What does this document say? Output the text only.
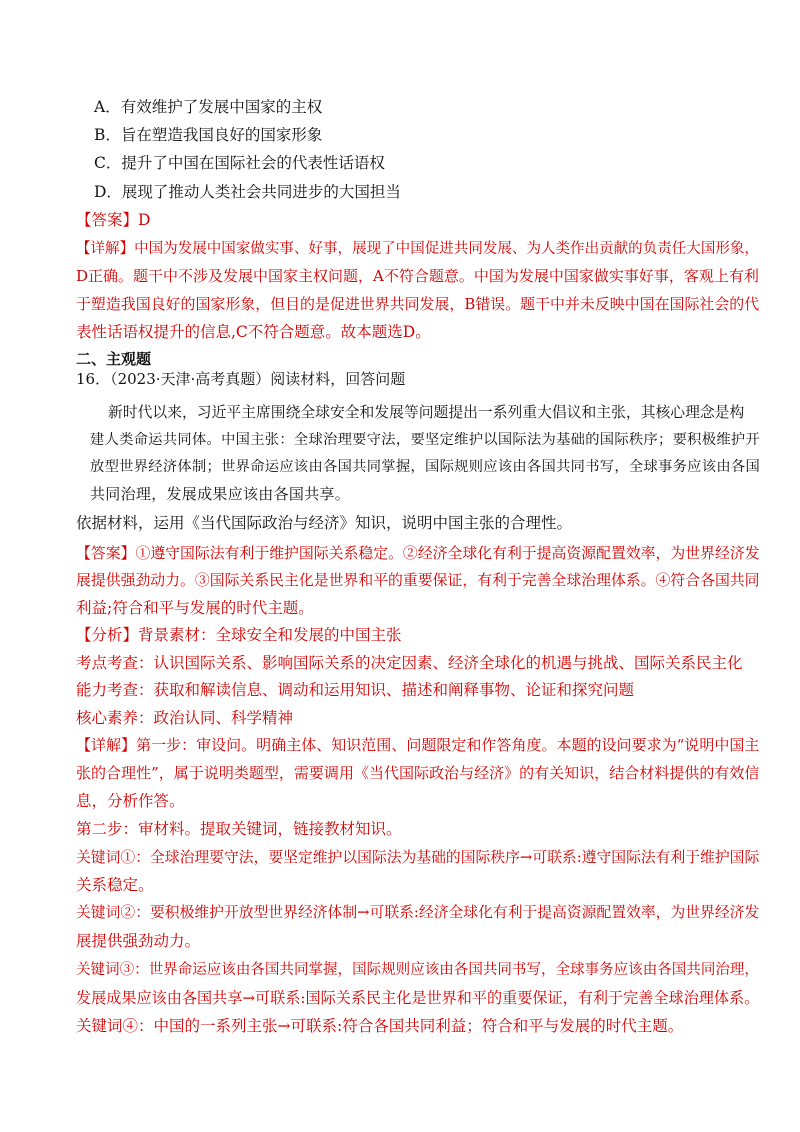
A．有效维护了发展中国家的主权
B．旨在塑造我国良好的国家形象
C．提升了中国在国际社会的代表性话语权
D．展现了推动人类社会共同进步的大国担当
【答案】D
【详解】中国为发展中国家做实事、好事，展现了中国促进共同发展、为人类作出贡献的负责任大国形象，
D正确。题干中不涉及发展中国家主权问题，A不符合题意。中国为发展中国家做实事好事，客观上有利
于塑造我国良好的国家形象，但目的是促进世界共同发展，B错误。题干中并未反映中国在国际社会的代
表性话语权提升的信息,C不符合题意。故本题选D。
二、主观题
16．（2023·天津·高考真题）阅读材料，回答问题
新时代以来，习近平主席围绕全球安全和发展等问题提出一系列重大倡议和主张，其核心理念是构
建人类命运共同体。中国主张：全球治理要守法，要坚定维护以国际法为基础的国际秩序；要积极维护开
放型世界经济体制；世界命运应该由各国共同掌握，国际规则应该由各国共同书写，全球事务应该由各国
共同治理，发展成果应该由各国共享。
依据材料，运用《当代国际政治与经济》知识，说明中国主张的合理性。
【答案】①遵守国际法有利于维护国际关系稳定。②经济全球化有利于提高资源配置效率，为世界经济发
展提供强劲动力。③国际关系民主化是世界和平的重要保证，有利于完善全球治理体系。④符合各国共同
利益;符合和平与发展的时代主题。
【分析】背景素材：全球安全和发展的中国主张
考点考查：认识国际关系、影响国际关系的决定因素、经济全球化的机遇与挑战、国际关系民主化
能力考查：获取和解读信息、调动和运用知识、描述和阐释事物、论证和探究问题
核心素养：政治认同、科学精神
【详解】第一步：审设问。明确主体、知识范围、问题限定和作答角度。本题的设问要求为“说明中国主
张的合理性”，属于说明类题型，需要调用《当代国际政治与经济》的有关知识，结合材料提供的有效信
息，分析作答。
第二步：审材料。提取关键词，链接教材知识。
关键词①：全球治理要守法，要坚定维护以国际法为基础的国际秩序→可联系:遵守国际法有利于维护国际
关系稳定。
关键词②：要积极维护开放型世界经济体制→可联系:经济全球化有利于提高资源配置效率，为世界经济发
展提供强劲动力。
关键词③：世界命运应该由各国共同掌握，国际规则应该由各国共同书写，全球事务应该由各国共同治理，
发展成果应该由各国共享→可联系:国际关系民主化是世界和平的重要保证，有利于完善全球治理体系。
关键词④：中国的一系列主张→可联系:符合各国共同利益；符合和平与发展的时代主题。
